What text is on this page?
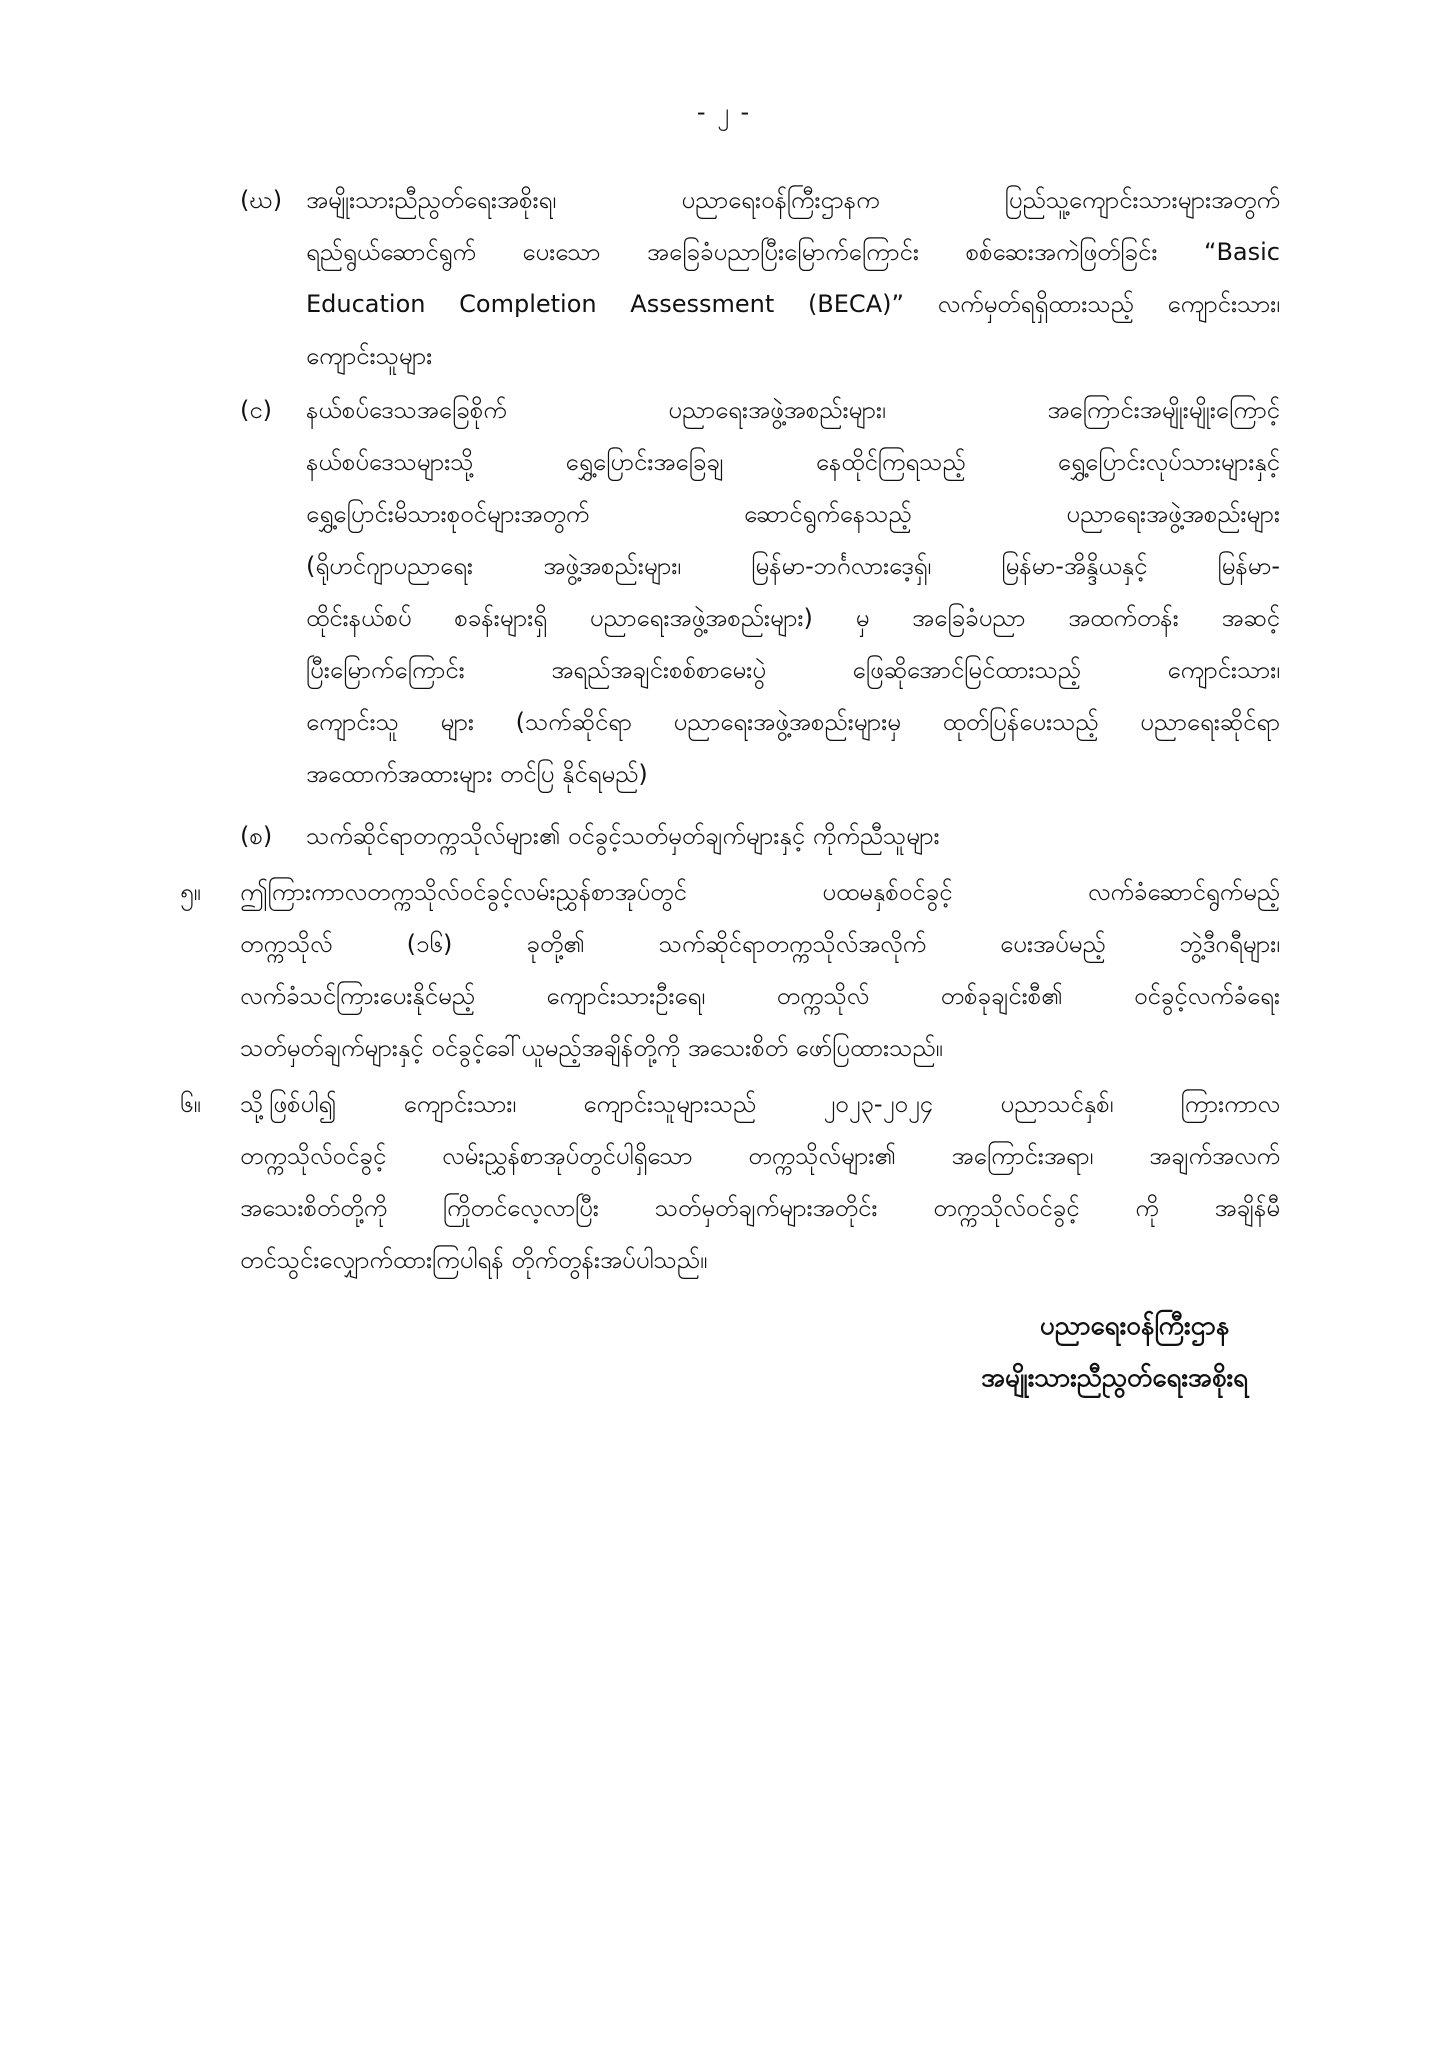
- ၂ -
(ဃ) အမျိုးသားညီညွတ်ရေးအစိုးရ၊ ပညာရေးဝန်ကြီးဌာနက ပြည်သူ့ကျောင်းသားများအတွက်
ရည်ရွယ်ဆောင်ရွက် ပေးသော အခြေခံပညာပြီးမြောက်ကြောင်း စစ်ဆေးအကဲဖြတ်ခြင်း “Basic
Education Completion Assessment (BECA)” လက်မှတ်ရရှိထားသည့် ကျောင်းသား၊
ကျောင်းသူများ
(င)	နယ်စပ်ဒေသအခြေစိုက် ပညာရေးအဖွဲ့အစည်းများ၊ အကြောင်းအမျိုးမျိုးကြောင့်
နယ်စပ်ဒေသများသို့ ရွှေ့ပြောင်းအခြေချ နေထိုင်ကြရသည့် ရွှေ့ပြောင်းလုပ်သားများနှင့်
ရွှေ့ပြောင်းမိသားစုဝင်များအတွက် ဆောင်ရွက်နေသည့် ပညာရေးအဖွဲ့အစည်းများ
(ရိုဟင်ဂျာပညာရေး အဖွဲ့အစည်းများ၊ မြန်မာ-ဘင်္ဂလားဒေ့ရှ်၊ မြန်မာ-အိန္ဒိယနှင့် မြန်မာ-
ထိုင်းနယ်စပ် စခန်းများရှိ ပညာရေးအဖွဲ့အစည်းများ) မှ အခြေခံပညာ အထက်တန်း အဆင့်
ပြီးမြောက်ကြောင်း အရည်အချင်းစစ်စာမေးပွဲ ဖြေဆိုအောင်မြင်ထားသည့် ကျောင်းသား၊
ကျောင်းသူ များ (သက်ဆိုင်ရာ ပညာရေးအဖွဲ့အစည်းများမှ ထုတ်ပြန်ပေးသည့် ပညာရေးဆိုင်ရာ
အထောက်အထားများ တင်ပြ နိုင်ရမည်)
(စ)	သက်ဆိုင်ရာတက္ကသိုလ်များ၏ ဝင်ခွင့်သတ်မှတ်ချက်များနှင့် ကိုက်ညီသူများ
၅။	ဤကြားကာလတက္ကသိုလ်ဝင်ခွင့်လမ်းညွှန်စာအုပ်တွင် ပထမနှစ်ဝင်ခွင့် လက်ခံဆောင်ရွက်မည့်
တက္ကသိုလ် (၁၆) ခုတို့၏ သက်ဆိုင်ရာတက္ကသိုလ်အလိုက် ပေးအပ်မည့် ဘွဲ့ဒီဂရီများ၊
လက်ခံသင်ကြားပေးနိုင်မည့် ကျောင်းသားဦးရေ၊ တက္ကသိုလ် တစ်ခုချင်းစီ၏ ဝင်ခွင့်လက်ခံရေး
သတ်မှတ်ချက်များနှင့် ဝင်ခွင့်ခေါ်ယူမည့်အချိန်တို့ကို အသေးစိတ် ဖော်ပြထားသည်။
၆။	သို့ဖြစ်ပါ၍ ကျောင်းသား၊ ကျောင်းသူများသည် ၂၀၂၃-၂၀၂၄ ပညာသင်နှစ်၊ ကြားကာလ
တက္ကသိုလ်ဝင်ခွင့် လမ်းညွှန်စာအုပ်တွင်ပါရှိသော တက္ကသိုလ်များ၏ အကြောင်းအရာ၊ အချက်အလက်
အသေးစိတ်တို့ကို ကြိုတင်လေ့လာပြီး သတ်မှတ်ချက်များအတိုင်း တက္ကသိုလ်ဝင်ခွင့် ကို အချိန်မီ
တင်သွင်းလျှောက်ထားကြပါရန် တိုက်တွန်းအပ်ပါသည်။
ပညာရေးဝန်ကြီးဌာန
အမျိုးသားညီညွတ်ရေးအစိုးရ
